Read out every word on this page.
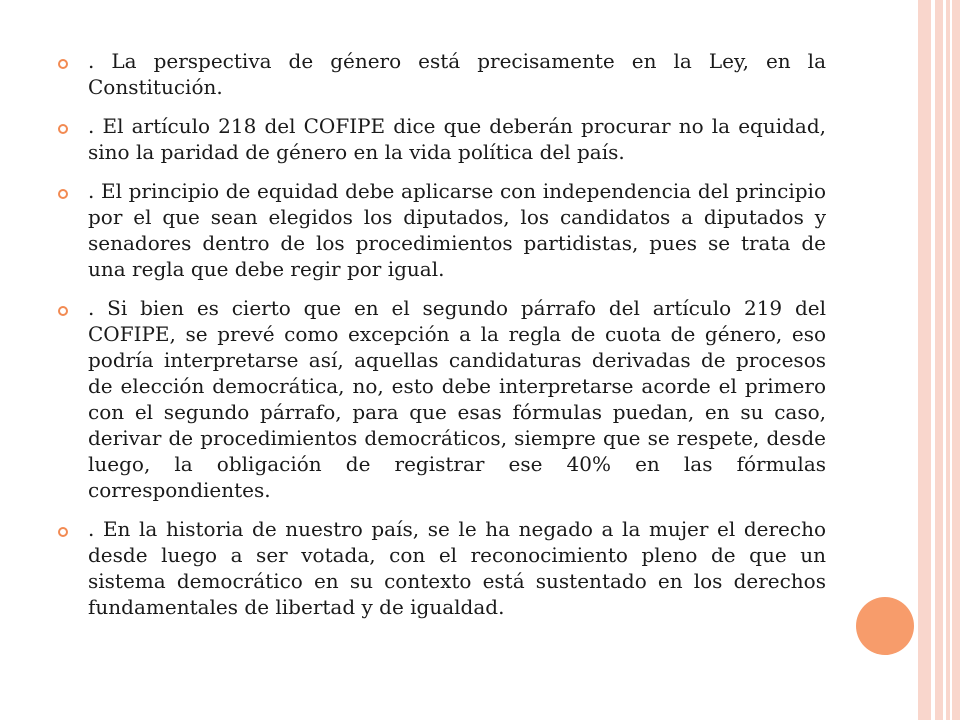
. La perspectiva de género está precisamente en la Ley, en la Constitución.
. El artículo 218 del COFIPE dice que deberán procurar no la equidad, sino la paridad de género en la vida política del país.
. El principio de equidad debe aplicarse con independencia del principio por el que sean elegidos los diputados, los candidatos a diputados y senadores dentro de los procedimientos partidistas, pues se trata de una regla que debe regir por igual.
. Si bien es cierto que en el segundo párrafo del artículo 219 del COFIPE, se prevé como excepción a la regla de cuota de género, eso podría interpretarse así, aquellas candidaturas derivadas de procesos de elección democrática, no, esto debe interpretarse acorde el primero con el segundo párrafo, para que esas fórmulas puedan, en su caso, derivar de procedimientos democráticos, siempre que se respete, desde luego, la obligación de registrar ese 40% en las fórmulas correspondientes.
. En la historia de nuestro país, se le ha negado a la mujer el derecho desde luego a ser votada, con el reconocimiento pleno de que un sistema democrático en su contexto está sustentado en los derechos fundamentales de libertad y de igualdad.
